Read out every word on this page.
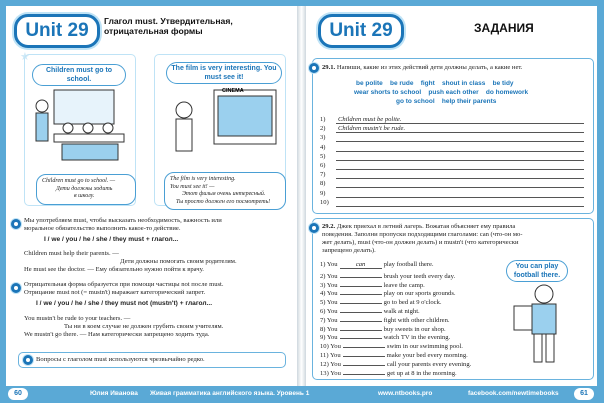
★
Unit 29	Глагол must. Утвердительная,
отрицательная формы
Children must go to school.
Children must go to school. —
Дети должны ходить
в школу.
The film is very interesting. You must see it!
CINEMA
The film is very interesting.
You must see it! —
Этот фильм очень интересный.
Ты просто должен его посмотреть!
Мы употребляем must, чтобы высказать необходимость, важность или
моральное обязательство выполнить какое-то действие.
I / we / you / he / she / they must + глагол...
Children must help their parents. —
Дети должны помогать своим родителям.
He must see the doctor. — Ему обязательно нужно пойти к врачу.
Отрицательная форма образуется при помощи частицы not после must.
Отрицание must not (= mustn't) выражает категорический запрет.
I / we / you / he / she / they must not (mustn't) + глагол...
You mustn't be rude to your teachers. —
Ты ни в коем случае не должен грубить своим учителям.
We mustn't go there. — Нам категорически запрещено ходить туда.
Вопросы с глаголом must используются чрезвычайно редко.
Unit 29	ЗАДАНИЯ
29.1. Напиши, какие из этих действий дети должны делать, а какие нет.
be polite be rude fight shout in class be tidy
wear shorts to school push each other do homework
go to school help their parents
1) Children must be polite.
2) Children mustn't be rude.
3)
4)
5)
6)
7)
8)
9)
10)
29.2. Джек приехал в летний лагерь. Вожатая объясняет ему правила
поведения. Заполни пропуски подходящими глаголами: can (что-он мо-
жет делать), must (что-он должен делать) и mustn't (что категорически
запрещено делать).
You can play football there.
1) You	can	play football there.
2) You	brush your teeth every day.
3) You	leave the camp.
4) You	play on our sports grounds.
5) You	go to bed at 9 o'clock.
6) You	walk at night.
7) You	fight with other children.
8) You	buy sweets in our shop.
9) You	watch TV in the evening.
10) You	swim in our swimming pool.
11) You	make your bed every morning.
12) You	call your parents every evening.
13) You	get up at 8 in the morning.
60	Юлия Иванова Живая грамматика английского языка. Уровень 1	www.ntbooks.pro	facebook.com/newtimebooks	61
